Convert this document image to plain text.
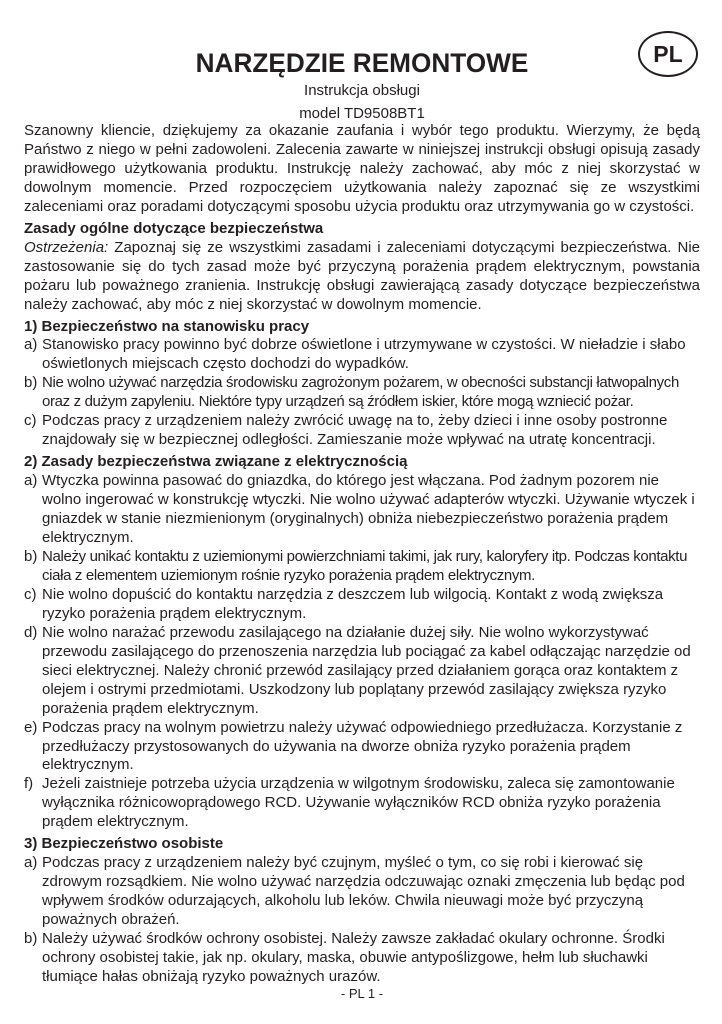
PL
NARZĘDZIE REMONTOWE
Instrukcja obsługi
model TD9508BT1

Szanowny kliencie, dziękujemy za okazanie zaufania i wybór tego produktu. Wierzymy, że będą Państwo z niego w pełni zadowoleni. Zalecenia zawarte w niniejszej instrukcji obsługi opisują zasady prawidłowego użytkowania produktu. Instrukcję należy zachować, aby móc z niej skorzystać w dowolnym momencie. Przed rozpoczęciem użytkowania należy zapoznać się ze wszystkimi zaleceniami oraz poradami dotyczącymi sposobu użycia produktu oraz utrzymywania go w czystości.

Zasady ogólne dotyczące bezpieczeństwa

Ostrzeżenia: Zapoznaj się ze wszystkimi zasadami i zaleceniami dotyczącymi bezpieczeństwa. Nie zastosowanie się do tych zasad może być przyczyną porażenia prądem elektrycznym, powstania pożaru lub poważnego zranienia. Instrukcję obsługi zawierającą zasady dotyczące bezpieczeństwa należy zachować, aby móc z niej skorzystać w dowolnym momencie.

1) Bezpieczeństwo na stanowisku pracy
a) Stanowisko pracy powinno być dobrze oświetlone i utrzymywane w czystości. W nieładzie i słabo oświetlonych miejscach często dochodzi do wypadków.
b) Nie wolno używać narzędzia środowisku zagrożonym pożarem, w obecności substancji łatwopalnych oraz z dużym zapyleniu. Niektóre typy urządzeń są źródłem iskier, które mogą wzniecić pożar.
c) Podczas pracy z urządzeniem należy zwrócić uwagę na to, żeby dzieci i inne osoby postronne znajdowały się w bezpiecznej odległości. Zamieszanie może wpływać na utratę koncentracji.
2) Zasady bezpieczeństwa związane z elektrycznością
a) Wtyczka powinna pasować do gniazdka, do którego jest włączana. Pod żadnym pozorem nie wolno ingerować w konstrukcję wtyczki. Nie wolno używać adapterów wtyczki. Używanie wtyczek i gniazdek w stanie niezmienionym (oryginalnych) obniża niebezpieczeństwo porażenia prądem elektrycznym.
b) Należy unikać kontaktu z uziemionymi powierzchniami takimi, jak rury, kaloryfery itp. Podczas kontaktu ciała z elementem uziemionym rośnie ryzyko porażenia prądem elektrycznym.
c) Nie wolno dopuścić do kontaktu narzędzia z deszczem lub wilgocią. Kontakt z wodą zwiększa ryzyko porażenia prądem elektrycznym.
d) Nie wolno narażać przewodu zasilającego na działanie dużej siły. Nie wolno wykorzystywać przewodu zasilającego do przenoszenia narzędzia lub pociągać za kabel odłączając narzędzie od sieci elektrycznej. Należy chronić przewód zasilający przed działaniem gorąca oraz kontaktem z olejem i ostrymi przedmiotami. Uszkodzony lub poplątany przewód zasilający zwiększa ryzyko porażenia prądem elektrycznym.
e) Podczas pracy na wolnym powietrzu należy używać odpowiedniego przedłużacza. Korzystanie z przedłużaczy przystosowanych do używania na dworze obniża ryzyko porażenia prądem elektrycznym.
f) Jeżeli zaistnieje potrzeba użycia urządzenia w wilgotnym środowisku, zaleca się zamontowanie wyłącznika różnicowoprądowego RCD. Używanie wyłączników RCD obniża ryzyko porażenia prądem elektrycznym.
3) Bezpieczeństwo osobiste
a) Podczas pracy z urządzeniem należy być czujnym, myśleć o tym, co się robi i kierować się zdrowym rozsądkiem. Nie wolno używać narzędzia odczuwając oznaki zmęczenia lub będąc pod wpływem środków odurzających, alkoholu lub leków. Chwila nieuwagi może być przyczyną poważnych obrażeń.
b) Należy używać środków ochrony osobistej. Należy zawsze zakładać okulary ochronne. Środki ochrony osobistej takie, jak np. okulary, maska, obuwie antypoślizgowe, hełm lub słuchawki tłumiące hałas obniżają ryzyko poważnych urazów.
- PL 1 -
